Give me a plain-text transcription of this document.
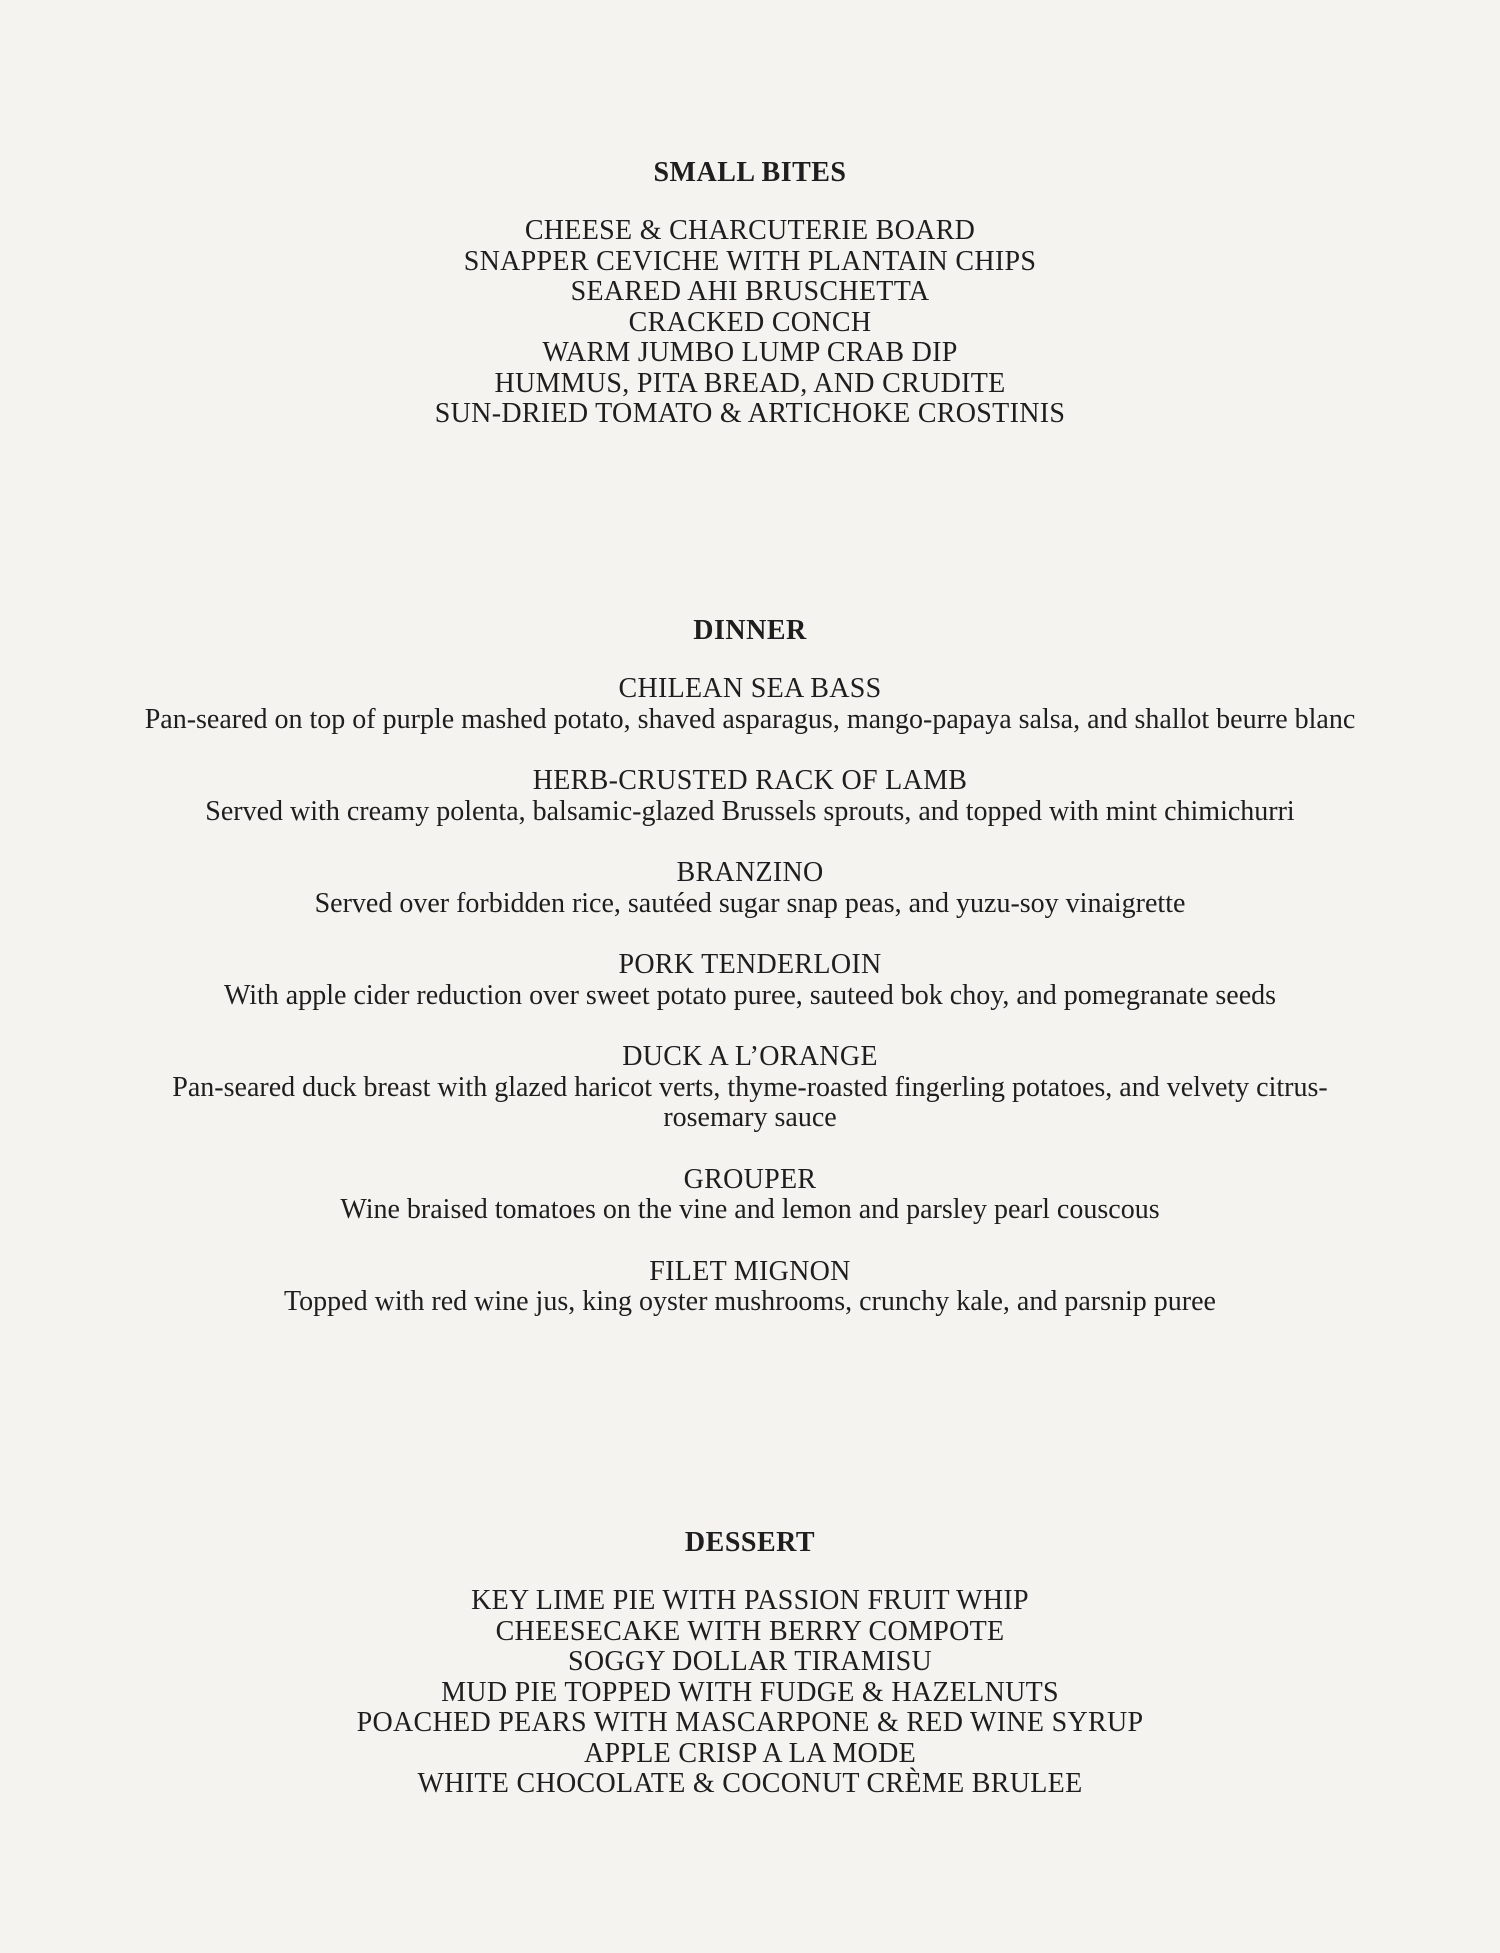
SMALL BITES
CHEESE & CHARCUTERIE BOARD
SNAPPER CEVICHE WITH PLANTAIN CHIPS
SEARED AHI BRUSCHETTA
CRACKED CONCH
WARM JUMBO LUMP CRAB DIP
HUMMUS, PITA BREAD, AND CRUDITE
SUN-DRIED TOMATO & ARTICHOKE CROSTINIS
DINNER
CHILEAN SEA BASS
Pan-seared on top of purple mashed potato, shaved asparagus, mango-papaya salsa, and shallot beurre blanc
HERB-CRUSTED RACK OF LAMB
Served with creamy polenta, balsamic-glazed Brussels sprouts, and topped with mint chimichurri
BRANZINO
Served over forbidden rice, sautéed sugar snap peas, and yuzu-soy vinaigrette
PORK TENDERLOIN
With apple cider reduction over sweet potato puree, sauteed bok choy, and pomegranate seeds
DUCK A L’ORANGE
Pan-seared duck breast with glazed haricot verts, thyme-roasted fingerling potatoes, and velvety citrus-rosemary sauce
GROUPER
Wine braised tomatoes on the vine and lemon and parsley pearl couscous
FILET MIGNON
Topped with red wine jus, king oyster mushrooms, crunchy kale, and parsnip puree
DESSERT
KEY LIME PIE WITH PASSION FRUIT WHIP
CHEESECAKE WITH BERRY COMPOTE
SOGGY DOLLAR TIRAMISU
MUD PIE TOPPED WITH FUDGE & HAZELNUTS
POACHED PEARS WITH MASCARPONE & RED WINE SYRUP
APPLE CRISP A LA MODE
WHITE CHOCOLATE & COCONUT CRÈME BRULEE
